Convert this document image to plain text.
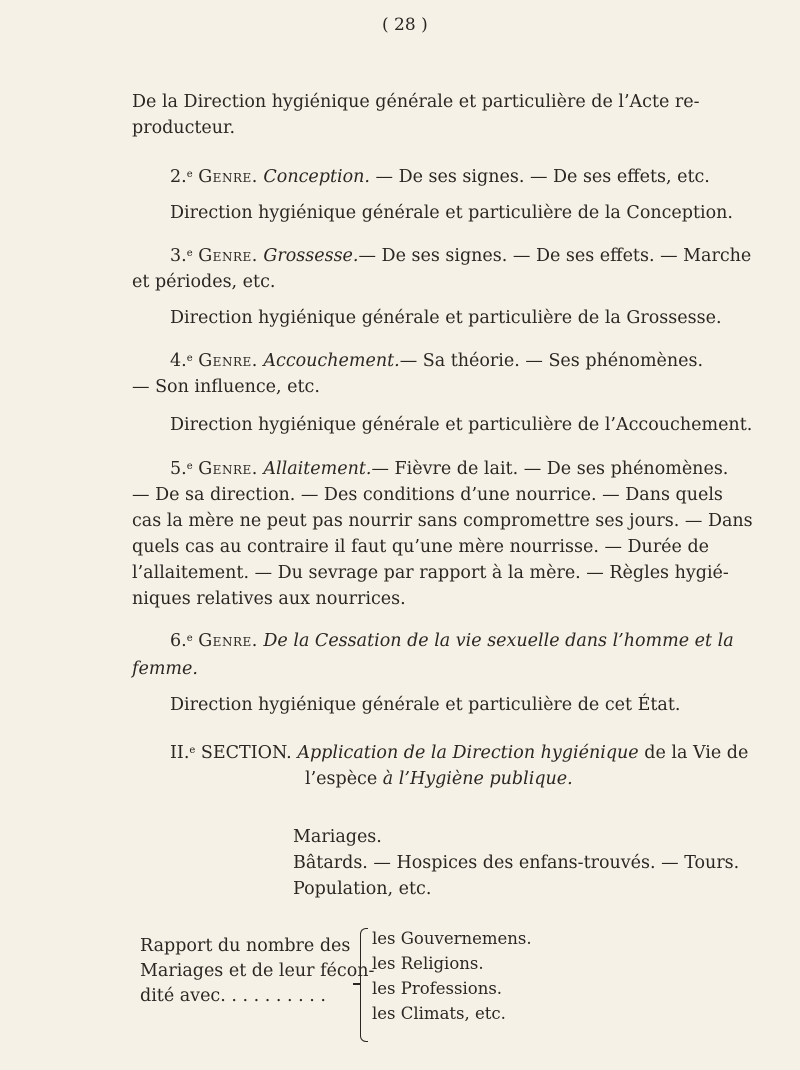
( 28 )
De la Direction hygiénique générale et particulière de l’Acte re-
producteur.
2.$^e$ Genre. Conception. — De ses signes. — De ses effets, etc.
Direction hygiénique générale et particulière de la Conception.
3.$^e$ Genre. Grossesse. — De ses signes. — De ses effets. — Marche
et périodes, etc.
Direction hygiénique générale et particulière de la Grossesse.
4.$^e$ Genre. Accouchement. — Sa théorie. — Ses phénomènes.
— Son influence, etc.
Direction hygiénique générale et particulière de l’Accouchement.
5.$^e$ Genre. Allaitement. — Fièvre de lait. — De ses phénomènes.
— De sa direction. — Des conditions d’une nourrice. — Dans quels
cas la mère ne peut pas nourrir sans compromettre ses jours. — Dans
quels cas au contraire il faut qu’une mère nourrisse. — Durée de
l’allaitement. — Du sevrage par rapport à la mère. — Règles hygié-
niques relatives aux nourrices.
6.$^e$ Genre. De la Cessation de la vie sexuelle dans l’homme et la
femme.
Direction hygiénique générale et particulière de cet État.
II.$^e$ SECTION. Application de la Direction hygiénique de la Vie de
l’espèce à l’Hygiène publique.
Mariages.
Bâtards. — Hospices des enfans-trouvés. — Tours.
Population, etc.
Rapport du nombre des
Mariages et de leur fécon-
dité avec. . . . . . . . . .
les Gouvernemens.
les Religions.
les Professions.
les Climats, etc.
